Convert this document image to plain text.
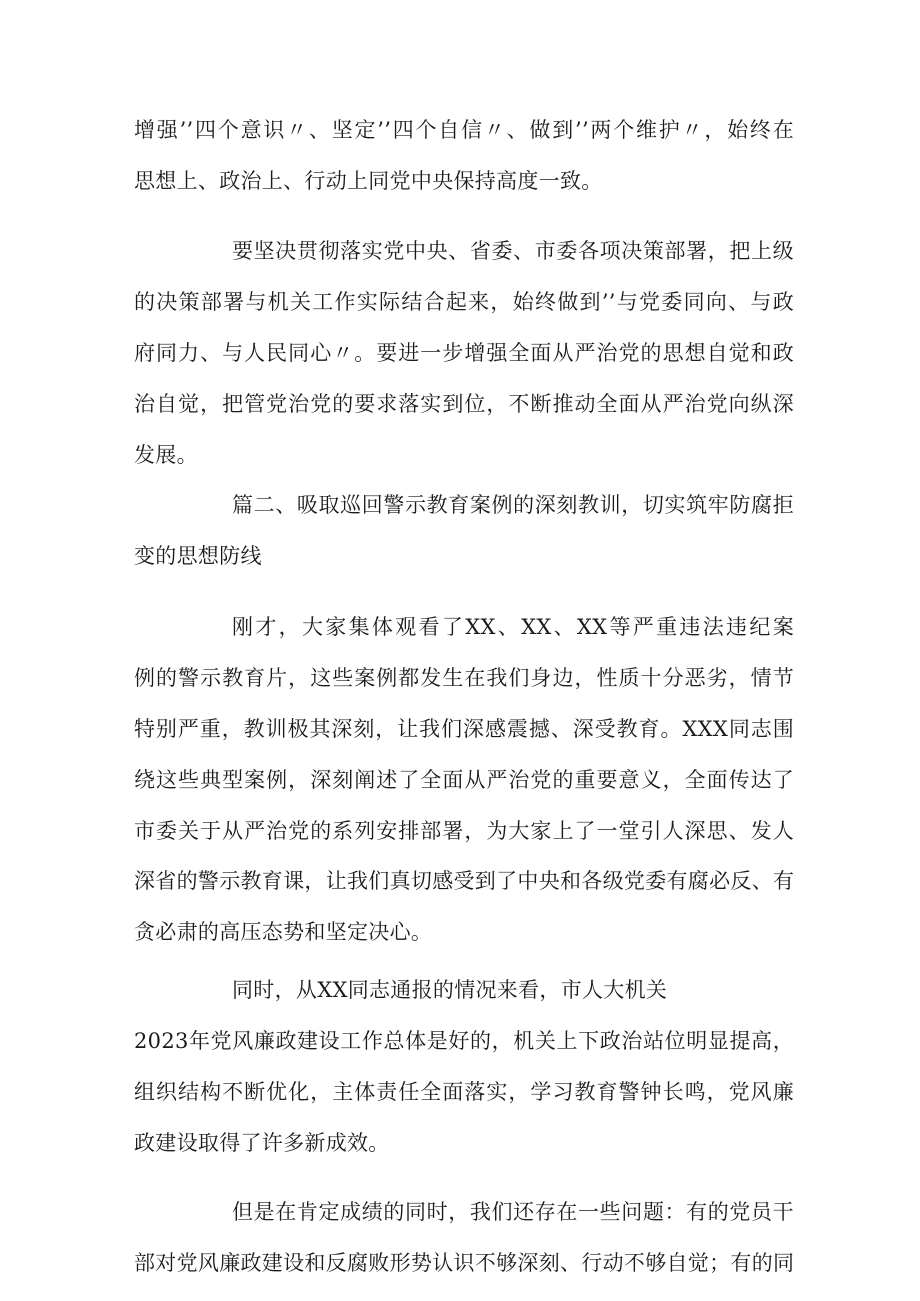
增强’’四个意识〃、坚定’’四个自信〃、做到’’两个维护〃，始终在
思想上、政治上、行动上同党中央保持高度一致。
要坚决贯彻落实党中央、省委、市委各项决策部署，把上级
的决策部署与机关工作实际结合起来，始终做到’’与党委同向、与政
府同力、与人民同心〃。要进一步增强全面从严治党的思想自觉和政
治自觉，把管党治党的要求落实到位，不断推动全面从严治党向纵深
发展。
篇二、吸取巡回警示教育案例的深刻教训，切实筑牢防腐拒
变的思想防线
刚才，大家集体观看了XX、XX、XX等严重违法违纪案
例的警示教育片，这些案例都发生在我们身边，性质十分恶劣，情节
特别严重，教训极其深刻，让我们深感震撼、深受教育。XXX同志围
绕这些典型案例，深刻阐述了全面从严治党的重要意义，全面传达了
市委关于从严治党的系列安排部署，为大家上了一堂引人深思、发人
深省的警示教育课，让我们真切感受到了中央和各级党委有腐必反、有
贪必肃的高压态势和坚定决心。
同时，从XX同志通报的情况来看，市人大机关
2023年党风廉政建设工作总体是好的，机关上下政治站位明显提高，
组织结构不断优化，主体责任全面落实，学习教育警钟长鸣，党风廉
政建设取得了许多新成效。
但是在肯定成绩的同时，我们还存在一些问题：有的党员干
部对党风廉政建设和反腐败形势认识不够深刻、行动不够自觉；有的同
